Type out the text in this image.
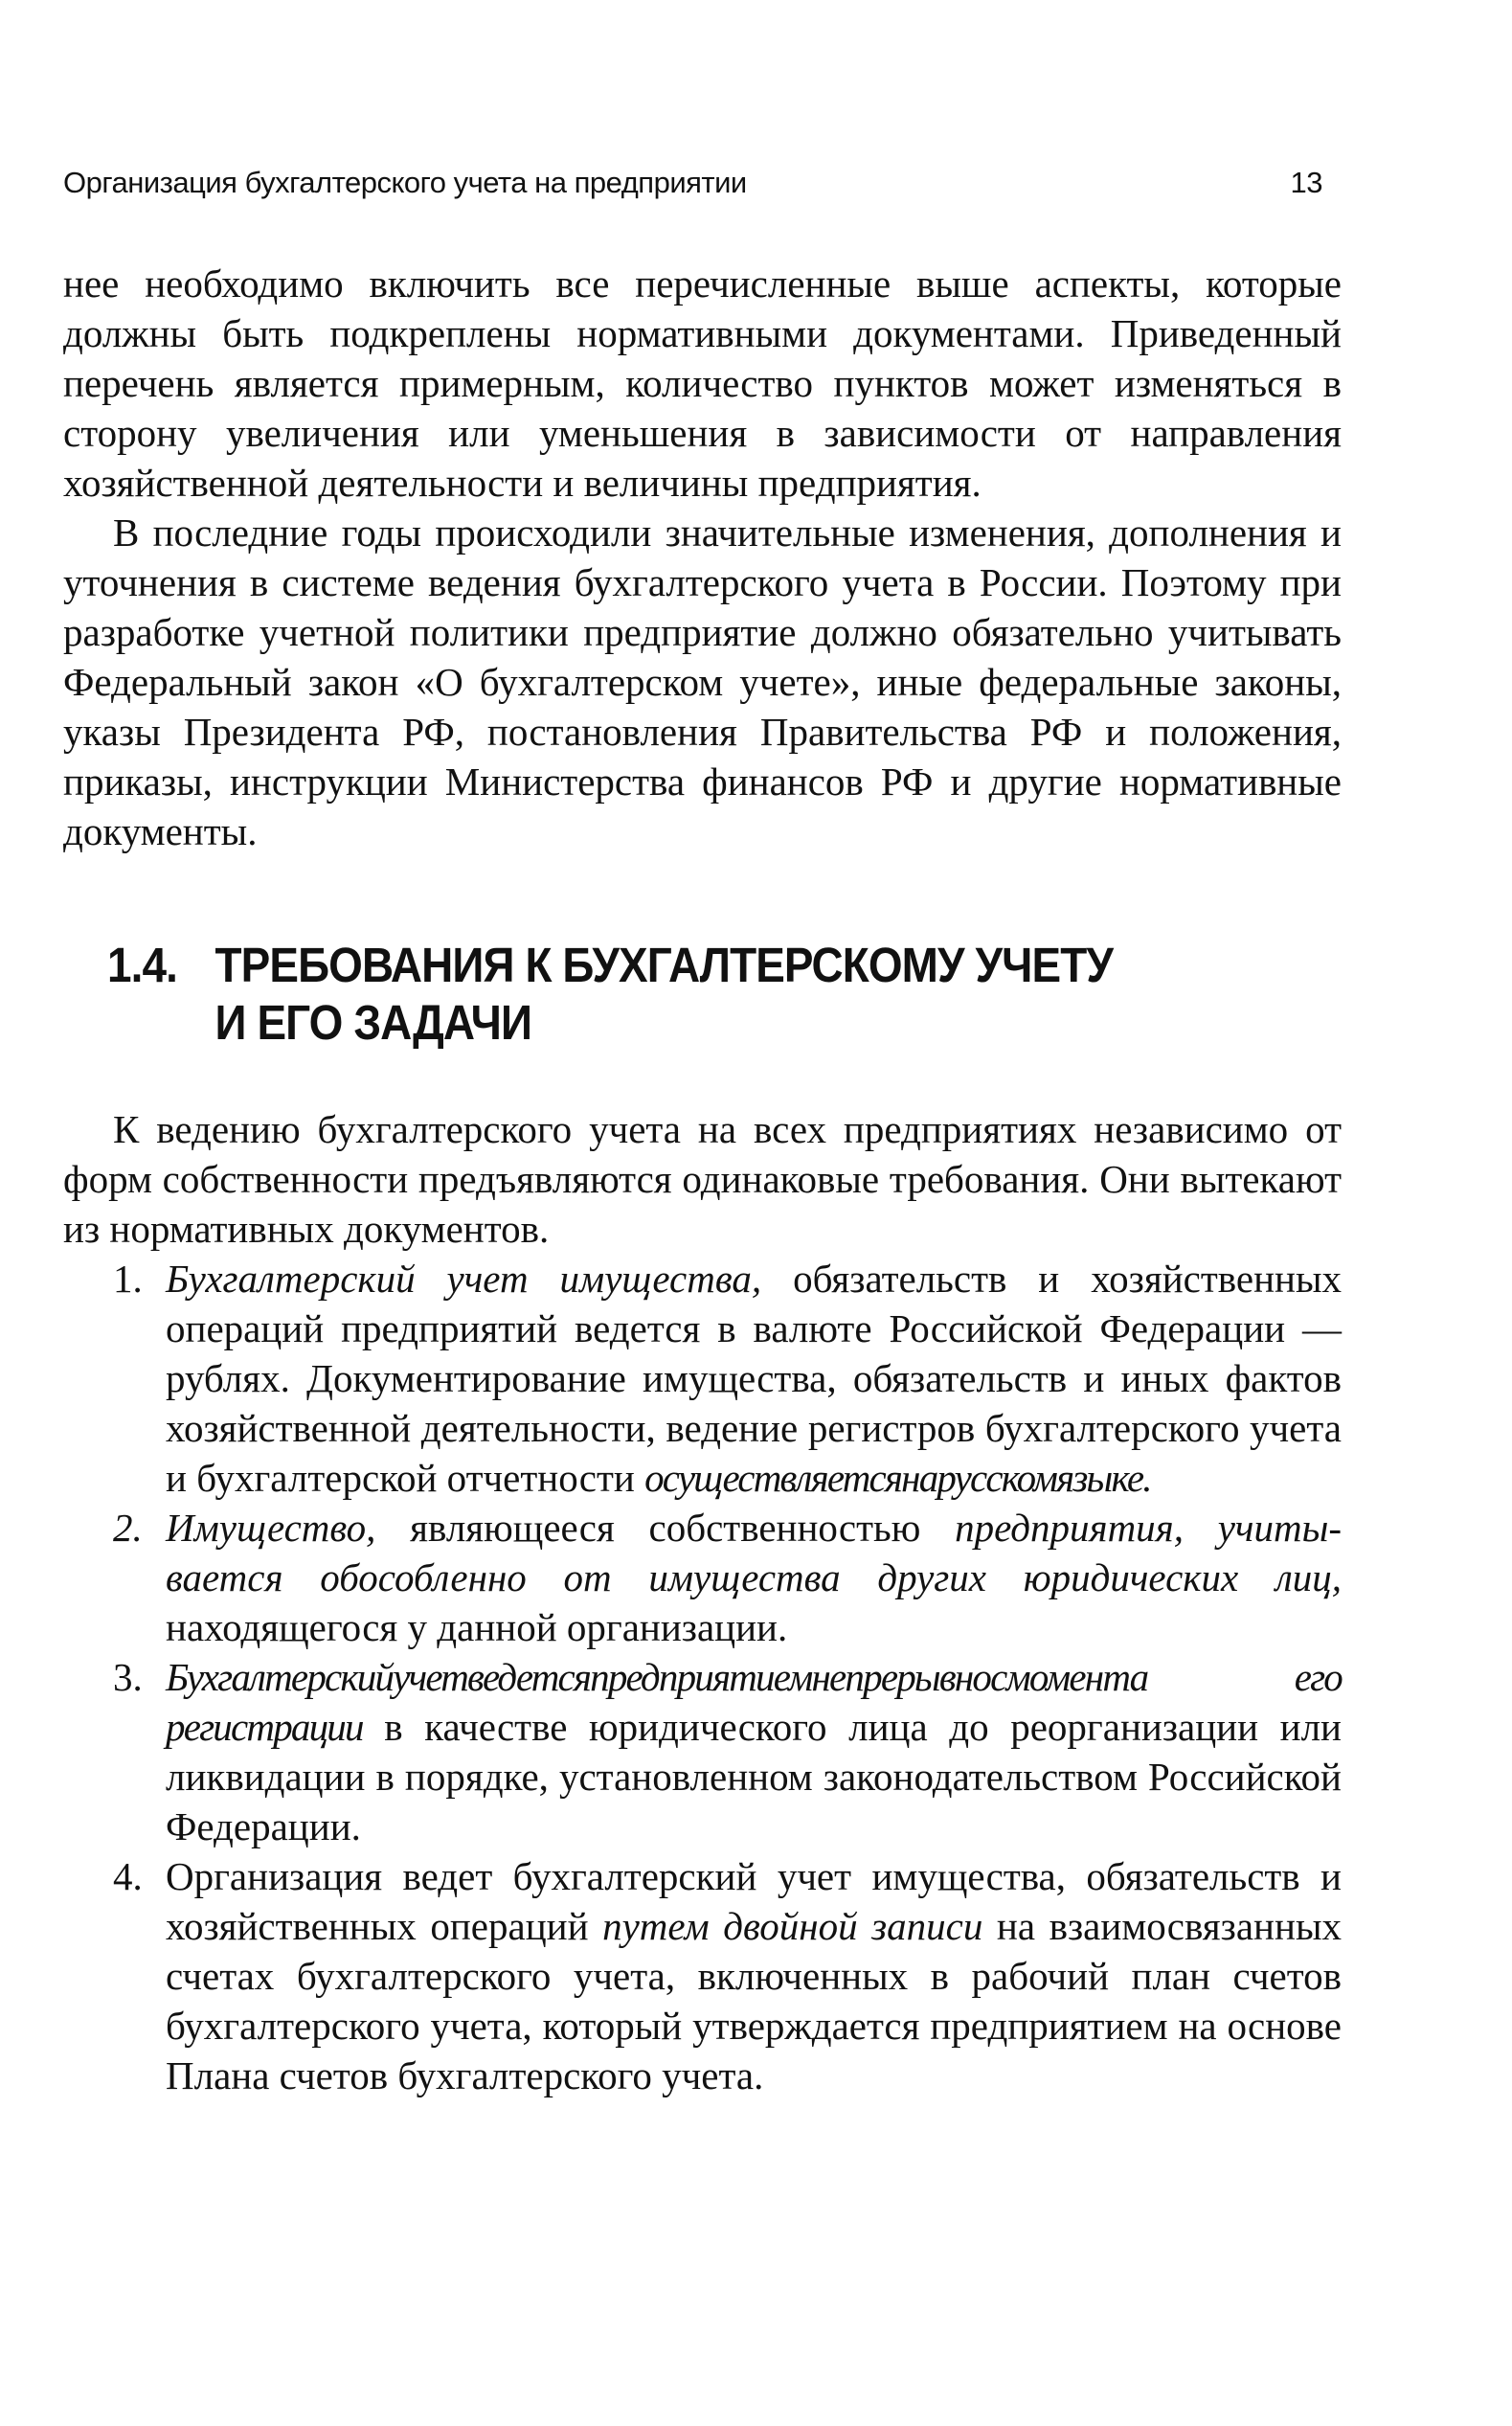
Организация бухгалтерского учета на предприятии	13

нее необходимо включить все перечисленные выше аспекты, которые должны быть подкреплены нормативными документами. Приведенный перечень является примерным, количество пунктов может изменяться в сторону увеличения или уменьшения в зависимости от направления хозяйственной деятельности и величины предприятия.

В последние годы происходили значительные изменения, дополнения и уточнения в системе ведения бухгалтерского учета в России. Поэтому при разработке учетной политики предприятие должно обязательно учитывать Федеральный закон «О бухгалтерском учете», иные федеральные законы, указы Президента РФ, постановления Правительства РФ и положения, приказы, инструкции Министерства финансов РФ и другие нормативные документы.

1.4. ТРЕБОВАНИЯ К БУХГАЛТЕРСКОМУ УЧЕТУ
И ЕГО ЗАДАЧИ

К ведению бухгалтерского учета на всех предприятиях независимо от форм собственности предъявляются одинаковые требования. Они вытекают из нормативных документов.

1. Бухгалтерский учет имущества, обязательств и хозяйственных операций предприятий ведется в валюте Российской Федерации — рублях. Документирование имущества, обязательств и иных фактов хозяйственной деятельности, ведение регистров бухгалтерского учета и бухгалтерской отчетности осуществляетсянарусскомязыке.
2. Имущество, являющееся собственностью предприятия, учитывается обособленно от имущества других юридических лиц, находящегося у данной организации.
3. Бухгалтерскийучетведетсяпредприятиемнепрерывносмомента его регистрации в качестве юридического лица до реорганизации или ликвидации в порядке, установленном законодательством Российской Федерации.
4. Организация ведет бухгалтерский учет имущества, обязательств и хозяйственных операций путем двойной записи на взаимосвязанных счетах бухгалтерского учета, включенных в рабочий план счетов бухгалтерского учета, который утверждается предприятием на основе Плана счетов бухгалтерского учета.
